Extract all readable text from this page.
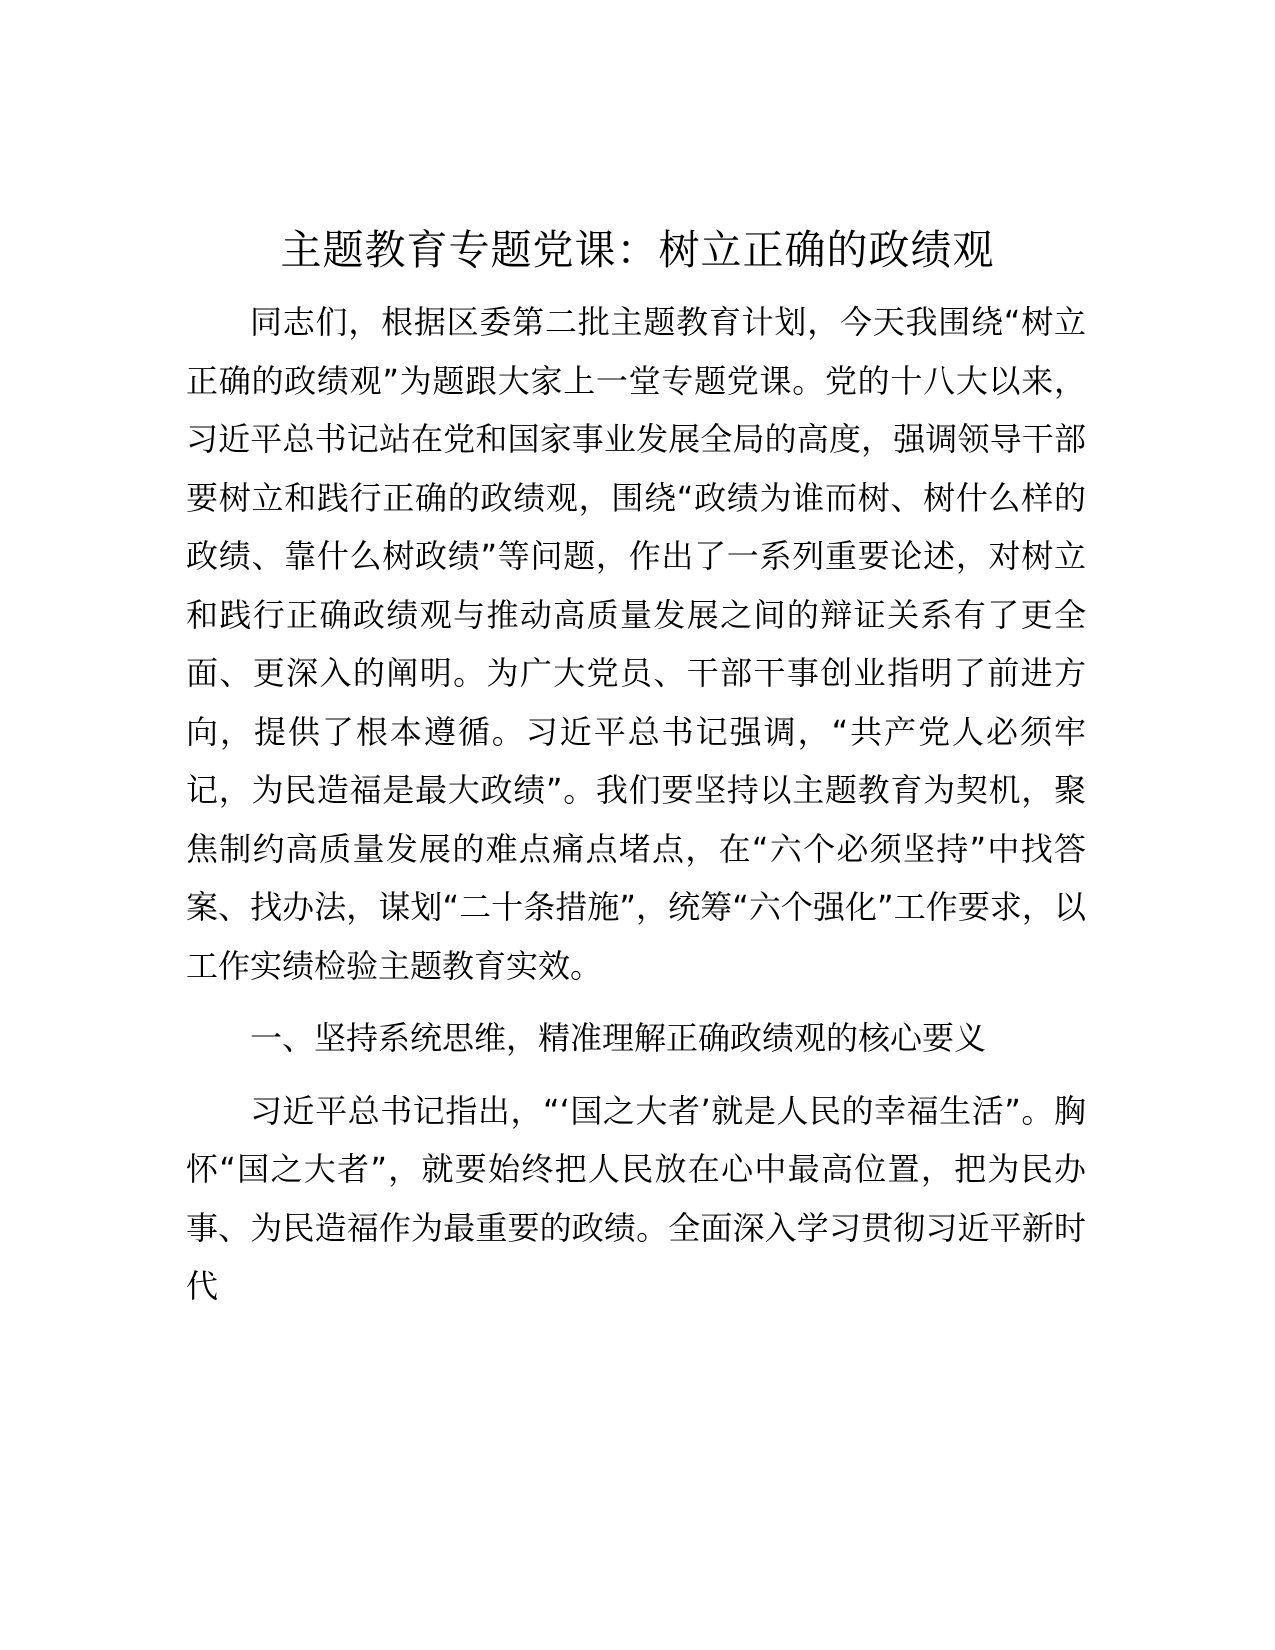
主题教育专题党课：树立正确的政绩观

同志们，根据区委第二批主题教育计划，今天我围绕“树立正确的政绩观”为题跟大家上一堂专题党课。党的十八大以来，习近平总书记站在党和国家事业发展全局的高度，强调领导干部要树立和践行正确的政绩观，围绕“政绩为谁而树、树什么样的政绩、靠什么树政绩”等问题，作出了一系列重要论述，对树立和践行正确政绩观与推动高质量发展之间的辩证关系有了更全面、更深入的阐明。为广大党员、干部干事创业指明了前进方向，提供了根本遵循。习近平总书记强调，“共产党人必须牢记，为民造福是最大政绩”。我们要坚持以主题教育为契机，聚焦制约高质量发展的难点痛点堵点，在“六个必须坚持”中找答案、找办法，谋划“二十条措施”，统筹“六个强化”工作要求，以工作实绩检验主题教育实效。

一、坚持系统思维，精准理解正确政绩观的核心要义

习近平总书记指出，“‘国之大者’就是人民的幸福生活”。胸怀“国之大者”，就要始终把人民放在心中最高位置，把为民办事、为民造福作为最重要的政绩。全面深入学习贯彻习近平新时代
